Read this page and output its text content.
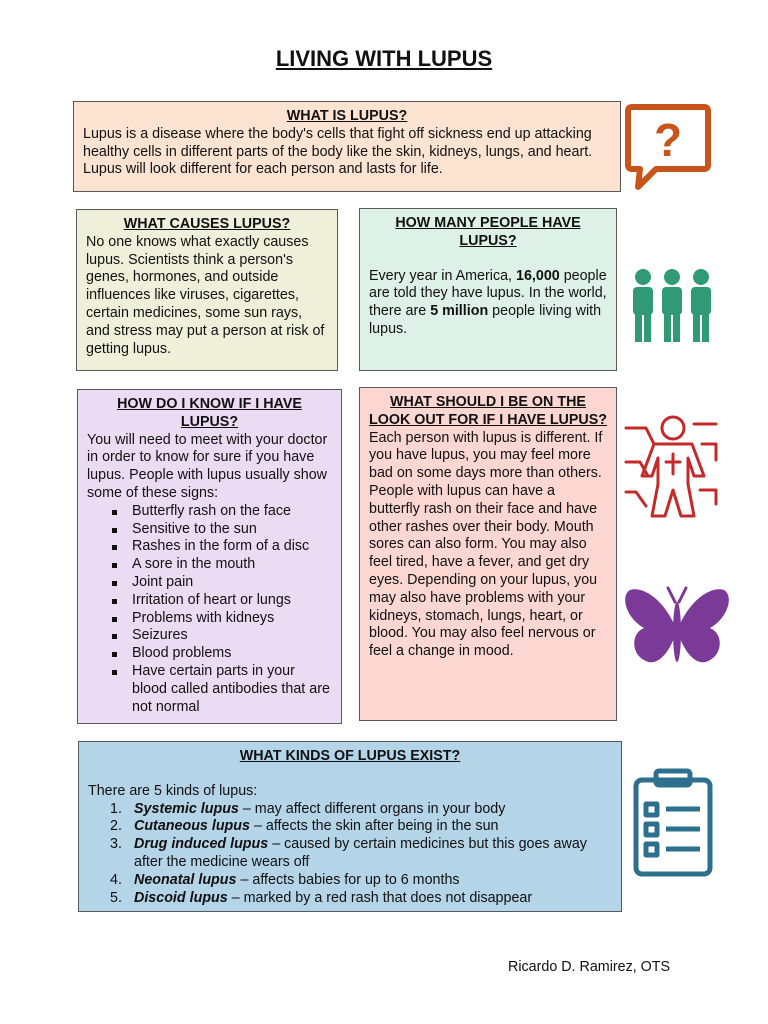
LIVING WITH LUPUS
WHAT IS LUPUS?

Lupus is a disease where the body's cells that fight off sickness end up attacking healthy cells in different parts of the body like the skin, kidneys, lungs, and heart. Lupus will look different for each person and lasts for life.

WHAT CAUSES LUPUS?

No one knows what exactly causes lupus. Scientists think a person's genes, hormones, and outside influences like viruses, cigarettes, certain medicines, some sun rays, and stress may put a person at risk of getting lupus.

HOW MANY PEOPLE HAVE LUPUS?

Every year in America, 16,000 people are told they have lupus. In the world, there are 5 million people living with lupus.

HOW DO I KNOW IF I HAVE LUPUS?

You will need to meet with your doctor in order to know for sure if you have lupus. People with lupus usually show some of these signs:

Butterfly rash on the face
Sensitive to the sun
Rashes in the form of a disc
A sore in the mouth
Joint pain
Irritation of heart or lungs
Problems with kidneys
Seizures
Blood problems
Have certain parts in your blood called antibodies that are not normal
WHAT SHOULD I BE ON THE LOOK OUT FOR IF I HAVE LUPUS?

Each person with lupus is different. If you have lupus, you may feel more bad on some days more than others.

People with lupus can have a butterfly rash on their face and have other rashes over their body. Mouth sores can also form. You may also feel tired, have a fever, and get dry eyes. Depending on your lupus, you may also have problems with your kidneys, stomach, lungs, heart, or blood. You may also feel nervous or feel a change in mood.

WHAT KINDS OF LUPUS EXIST?

There are 5 kinds of lupus:

1. Systemic lupus – may affect different organs in your body
2. Cutaneous lupus – affects the skin after being in the sun
3. Drug induced lupus – caused by certain medicines but this goes away after the medicine wears off
4. Neonatal lupus – affects babies for up to 6 months
5. Discoid lupus – marked by a red rash that does not disappear
Ricardo D. Ramirez, OTS
?
